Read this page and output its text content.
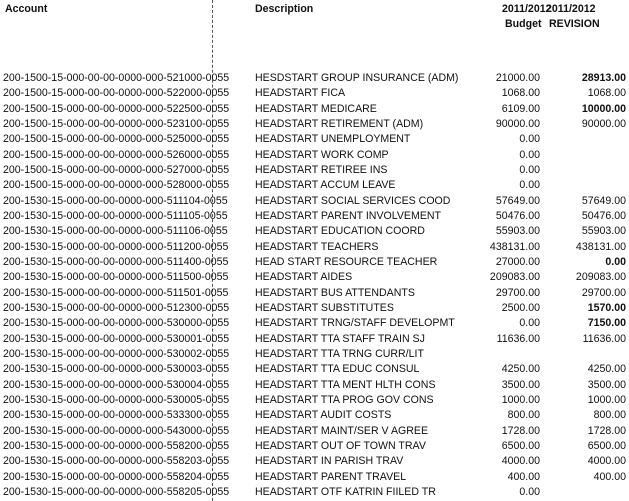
Account	Description	2011/2012
2011/2012
Budget REVISION
200-1500-15-000-00-00-0000-000-521000-0055 HESDSTART GROUP INSURANCE (ADM)	21000.00	28913.00
200-1500-15-000-00-00-0000-000-522000-0055 HEADSTART FICA	1068.00	1068.00
200-1500-15-000-00-00-0000-000-522500-0055 HEADSTART MEDICARE	6109.00	10000.00
200-1500-15-000-00-00-0000-000-523100-0055 HEADSTART RETIREMENT (ADM)	90000.00	90000.00
200-1500-15-000-00-00-0000-000-525000-0055 HEADSTART UNEMPLOYMENT	0.00
200-1500-15-000-00-00-0000-000-526000-0055 HEADSTART WORK COMP	0.00
200-1500-15-000-00-00-0000-000-527000-0055 HEADSTART RETIREE INS	0.00
200-1500-15-000-00-00-0000-000-528000-0055 HEADSTART ACCUM LEAVE	0.00
200-1530-15-000-00-00-0000-000-511104-0055	HEADSTART SOCIAL SERVICES COOD	57649.00	57649.00
200-1530-15-000-00-00-0000-000-511105-0055	HEADSTART PARENT INVOLVEMENT	50476.00	50476.00
200-1530-15-000-00-00-0000-000-511106-0055	HEADSTART EDUCATION COORD	55903.00	55903.00
200-1530-15-000-00-00-0000-000-511200-0055	HEADSTART TEACHERS	438131.00	438131.00
200-1530-15-000-00-00-0000-000-511400-0055	HEAD START RESOURCE TEACHER	27000.00	0.00
200-1530-15-000-00-00-0000-000-511500-0055	HEADSTART AIDES	209083.00	209083.00
200-1530-15-000-00-00-0000-000-511501-0055	HEADSTART BUS ATTENDANTS	29700.00	29700.00
200-1530-15-000-00-00-0000-000-512300-0055 HEADSTART SUBSTITUTES	2500.00	1570.00
200-1530-15-000-00-00-0000-000-530000-0055 HEADSTART TRNG/STAFF DEVELOPMT	0.00	7150.00
200-1530-15-000-00-00-0000-000-530001-0055 HEADSTART TTA STAFF TRAIN SJ	11636.00	11636.00
200-1530-15-000-00-00-0000-000-530002-0055 HEADSTART TTA TRNG CURR/LIT
200-1530-15-000-00-00-0000-000-530003-0055 HEADSTART TTA EDUC CONSUL	4250.00	4250.00
200-1530-15-000-00-00-0000-000-530004-0055 HEADSTART TTA MENT HLTH CONS	3500.00	3500.00
200-1530-15-000-00-00-0000-000-530005-0055 HEADSTART TTA PROG GOV CONS	1000.00	1000.00
200-1530-15-000-00-00-0000-000-533300-0055 HEADSTART AUDIT COSTS	800.00	800.00
200-1530-15-000-00-00-0000-000-543000-0055 HEADSTART MAINT/SER V AGREE	1728.00	1728.00
200-1530-15-000-00-00-0000-000-558200-0055 HEADSTART OUT OF TOWN TRAV	6500.00	6500.00
200-1530-15-000-00-00-0000-000-558203-0055 HEADSTART IN PARISH TRAV	4000.00	4000.00
200-1530-15-000-00-00-0000-000-558204-0055 HEADSTART PARENT TRAVEL	400.00	400.00
200-1530-15-000-00-00-0000-000-558205-0055 HEADSTART OTF KATRIN FIILED TR	0.00
